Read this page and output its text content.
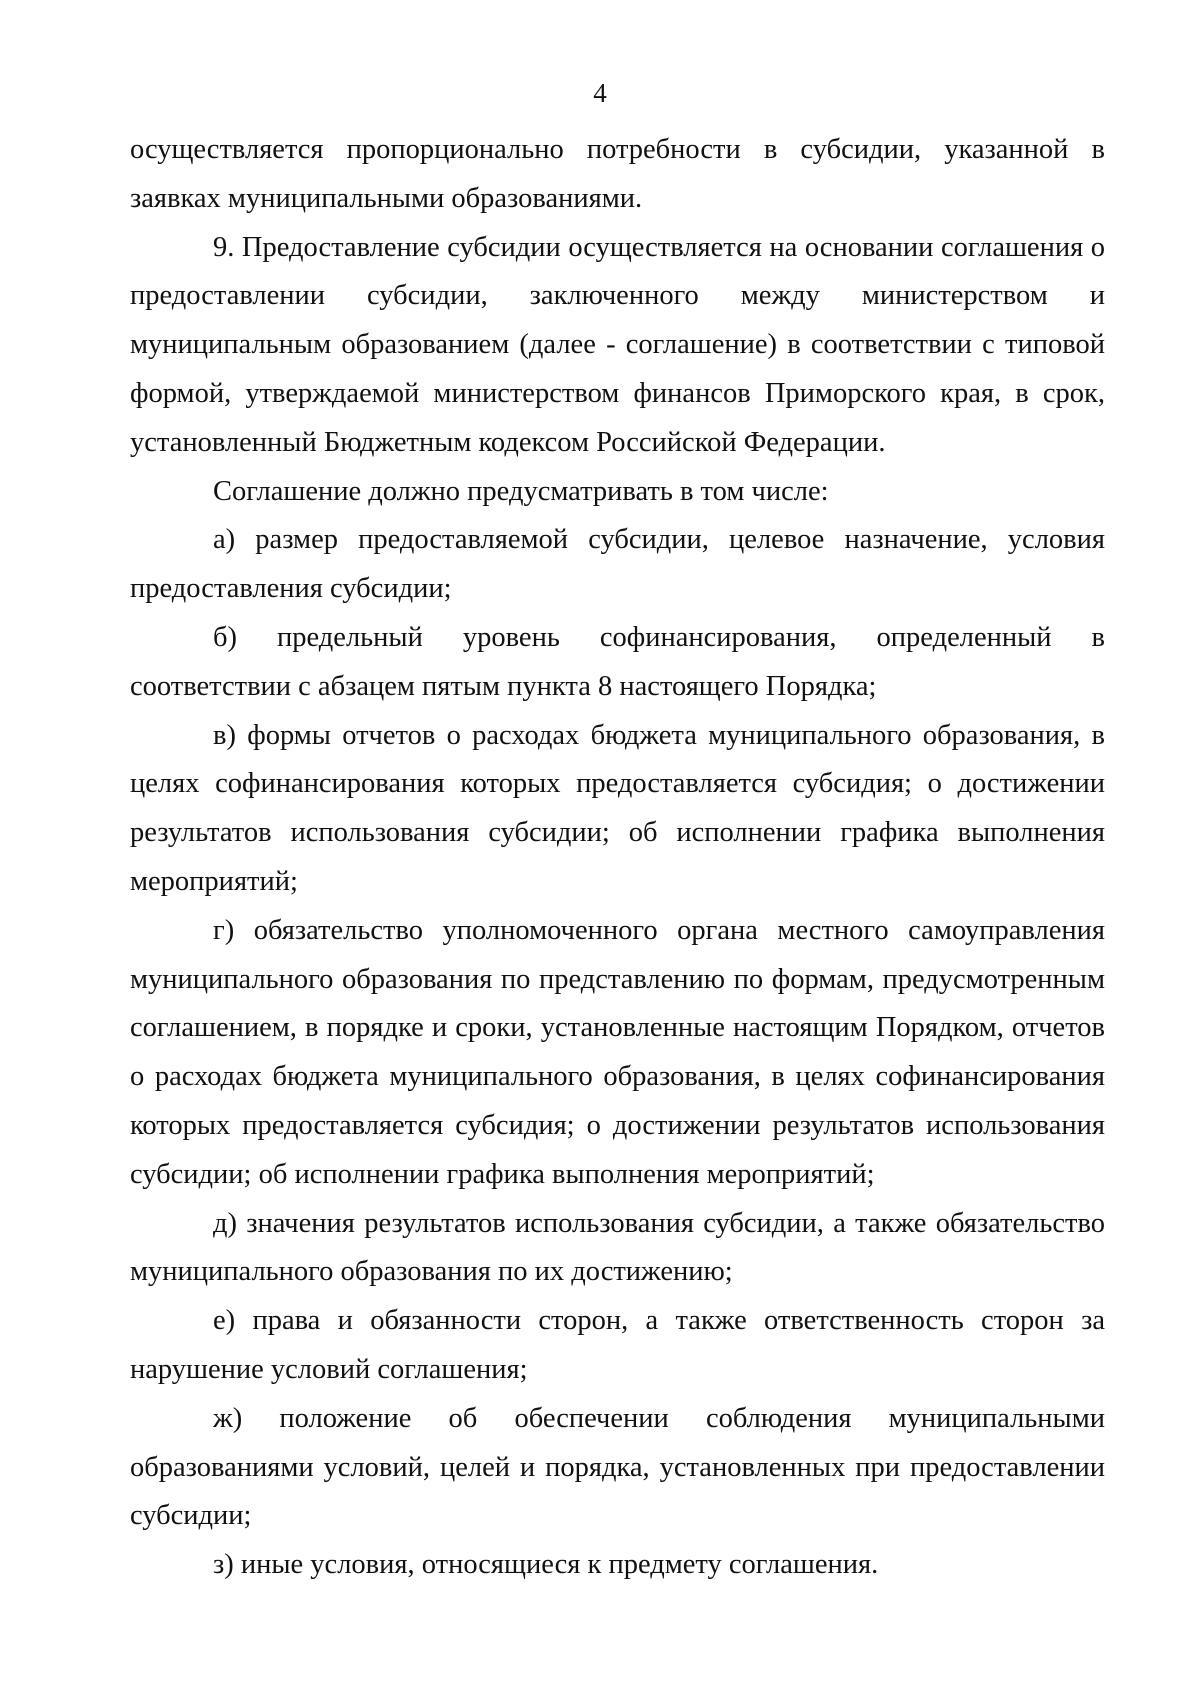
4

осуществляется пропорционально потребности в субсидии, указанной в заявках муниципальными образованиями.

9. Предоставление субсидии осуществляется на основании соглашения о предоставлении субсидии, заключенного между министерством и муниципальным образованием (далее - соглашение) в соответствии с типовой формой, утверждаемой министерством финансов Приморского края, в срок, установленный Бюджетным кодексом Российской Федерации.

Соглашение должно предусматривать в том числе:

а) размер предоставляемой субсидии, целевое назначение, условия предоставления субсидии;

б) предельный уровень софинансирования, определенный в соответствии с абзацем пятым пункта 8 настоящего Порядка;

в) формы отчетов о расходах бюджета муниципального образования, в целях софинансирования которых предоставляется субсидия; о достижении результатов использования субсидии; об исполнении графика выполнения мероприятий;

г) обязательство уполномоченного органа местного самоуправления муниципального образования по представлению по формам, предусмотренным соглашением, в порядке и сроки, установленные настоящим Порядком, отчетов о расходах бюджета муниципального образования, в целях софинансирования которых предоставляется субсидия; о достижении результатов использования субсидии; об исполнении графика выполнения мероприятий;

д) значения результатов использования субсидии, а также обязательство муниципального образования по их достижению;

е) права и обязанности сторон, а также ответственность сторон за нарушение условий соглашения;

ж) положение об обеспечении соблюдения муниципальными образованиями условий, целей и порядка, установленных при предоставлении субсидии;

з) иные условия, относящиеся к предмету соглашения.
